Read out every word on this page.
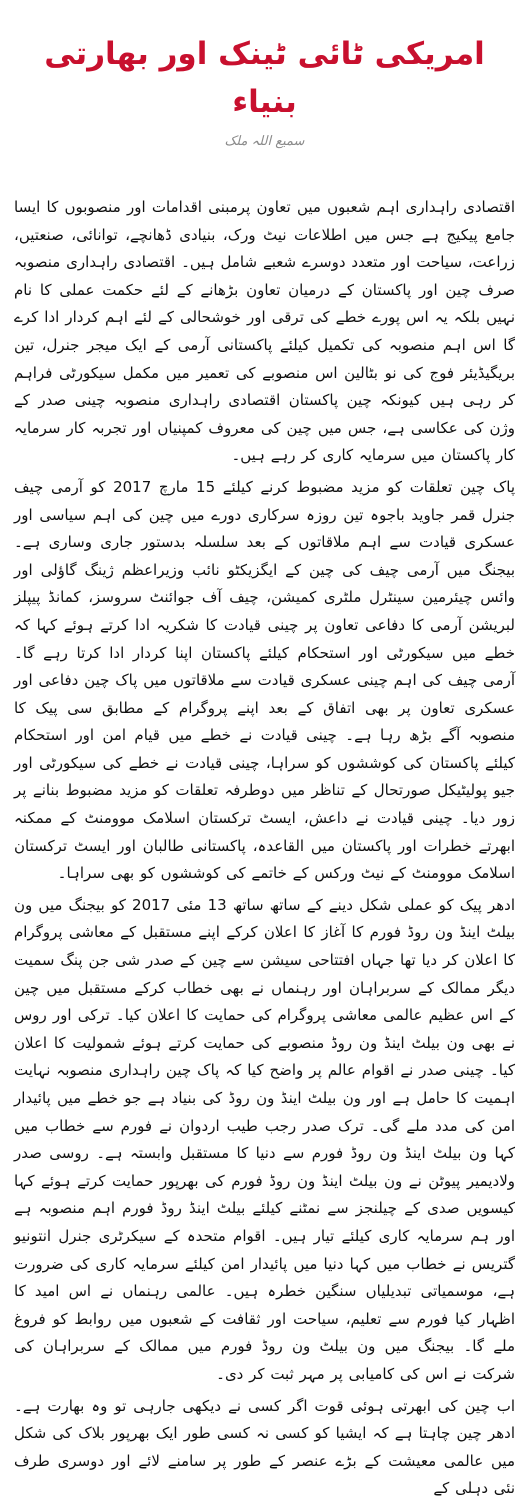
امریکی ٹائی ٹینک اور بھارتی بنیاء
سمیع اللہ ملک

اقتصادی راہداری اہم شعبوں میں تعاون پرمبنی اقدامات اور منصوبوں کا ایسا جامع پیکیج ہے جس میں اطلاعات نیٹ ورک، بنیادی ڈھانچے، توانائی، صنعتیں، زراعت، سیاحت اور متعدد دوسرے شعبے شامل ہیں۔ اقتصادی راہداری منصوبہ صرف چین اور پاکستان کے درمیان تعاون بڑھانے کے لئے حکمت عملی کا نام نہیں بلکہ یہ اس پورے خطے کی ترقی اور خوشحالی کے لئے اہم کردار ادا کرے گا اس اہم منصوبہ کی تکمیل کیلئے پاکستانی آرمی کے ایک میجر جنرل، تین بریگیڈیئر فوج کی نو بٹالین اس منصوبے کی تعمیر میں مکمل سیکورٹی فراہم کر رہی ہیں کیونکہ چین پاکستان اقتصادی راہداری منصوبہ چینی صدر کے وژن کی عکاسی ہے، جس میں چین کی معروف کمپنیاں اور تجربہ کار سرمایہ کار پاکستان میں سرمایہ کاری کر رہے ہیں۔

پاک چین تعلقات کو مزید مضبوط کرنے کیلئے 15 مارچ 2017 کو آرمی چیف جنرل قمر جاوید باجوہ تین روزہ سرکاری دورے میں چین کی اہم سیاسی اور عسکری قیادت سے اہم ملاقاتوں کے بعد سلسلہ بدستور جاری وساری ہے۔ بیجنگ میں آرمی چیف کی چین کے ایگزیکٹو نائب وزیراعظم ژینگ گاؤلی اور وائس چیئرمین سینٹرل ملٹری کمیشن، چیف آف جوائنٹ سروسز، کمانڈ پیپلز لبریشن آرمی کا دفاعی تعاون پر چینی قیادت کا شکریہ ادا کرتے ہوئے کہا کہ خطے میں سیکورٹی اور استحکام کیلئے پاکستان اپنا کردار ادا کرتا رہے گا۔ آرمی چیف کی اہم چینی عسکری قیادت سے ملاقاتوں میں پاک چین دفاعی اور عسکری تعاون پر بھی اتفاق کے بعد اپنے پروگرام کے مطابق سی پیک کا منصوبہ آگے بڑھ رہا ہے۔ چینی قیادت نے خطے میں قیام امن اور استحکام کیلئے پاکستان کی کوششوں کو سراہا، چینی قیادت نے خطے کی سیکورٹی اور جیو پولیٹیکل صورتحال کے تناظر میں دوطرفہ تعلقات کو مزید مضبوط بنانے پر زور دیا۔ چینی قیادت نے داعش، ایسٹ ترکستان اسلامک موومنٹ کے ممکنہ ابھرتے خطرات اور پاکستان میں القاعدہ، پاکستانی طالبان اور ایسٹ ترکستان اسلامک موومنٹ کے نیٹ ورکس کے خاتمے کی کوششوں کو بھی سراہا۔

ادھر پیک کو عملی شکل دینے کے ساتھ ساتھ 13 مئی 2017 کو بیجنگ میں ون بیلٹ اینڈ ون روڈ فورم کا آغاز کا اعلان کرکے اپنے مستقبل کے معاشی پروگرام کا اعلان کر دیا تھا جہاں افتتاحی سیشن سے چین کے صدر شی جن پنگ سمیت دیگر ممالک کے سربراہان اور رہنماں نے بھی خطاب کرکے مستقبل میں چین کے اس عظیم عالمی معاشی پروگرام کی حمایت کا اعلان کیا۔ ترکی اور روس نے بھی ون بیلٹ اینڈ ون روڈ منصوبے کی حمایت کرتے ہوئے شمولیت کا اعلان کیا۔ چینی صدر نے اقوام عالم پر واضح کیا کہ پاک چین راہداری منصوبہ نہایت اہمیت کا حامل ہے اور ون بیلٹ اینڈ ون روڈ کی بنیاد ہے جو خطے میں پائیدار امن کی مدد ملے گی۔ ترک صدر رجب طیب اردوان نے فورم سے خطاب میں کہا ون بیلٹ اینڈ ون روڈ فورم سے دنیا کا مستقبل وابستہ ہے۔ روسی صدر ولادیمیر پیوٹن نے ون بیلٹ اینڈ ون روڈ فورم کی بھرپور حمایت کرتے ہوئے کہا کیسویں صدی کے چیلنجز سے نمٹنے کیلئے بیلٹ اینڈ روڈ فورم اہم منصوبہ ہے اور ہم سرمایہ کاری کیلئے تیار ہیں۔ اقوام متحدہ کے سیکرٹری جنرل انتونیو گتریس نے خطاب میں کہا دنیا میں پائیدار امن کیلئے سرمایہ کاری کی ضرورت ہے، موسمیاتی تبدیلیاں سنگین خطرہ ہیں۔ عالمی رہنماں نے اس امید کا اظہار کیا فورم سے تعلیم، سیاحت اور ثقافت کے شعبوں میں روابط کو فروغ ملے گا۔ بیجنگ میں ون بیلٹ ون روڈ فورم میں ممالک کے سربراہان کی شرکت نے اس کی کامیابی پر مہر ثبت کر دی۔

اب چین کی ابھرتی ہوئی قوت اگر کسی نے دیکھی جارہی تو وہ بھارت ہے۔ ادھر چین چاہتا ہے کہ ایشیا کو کسی نہ کسی طور ایک بھرپور بلاک کی شکل میں عالمی معیشت کے بڑے عنصر کے طور پر سامنے لائے اور دوسری طرف نئی دہلی کے
